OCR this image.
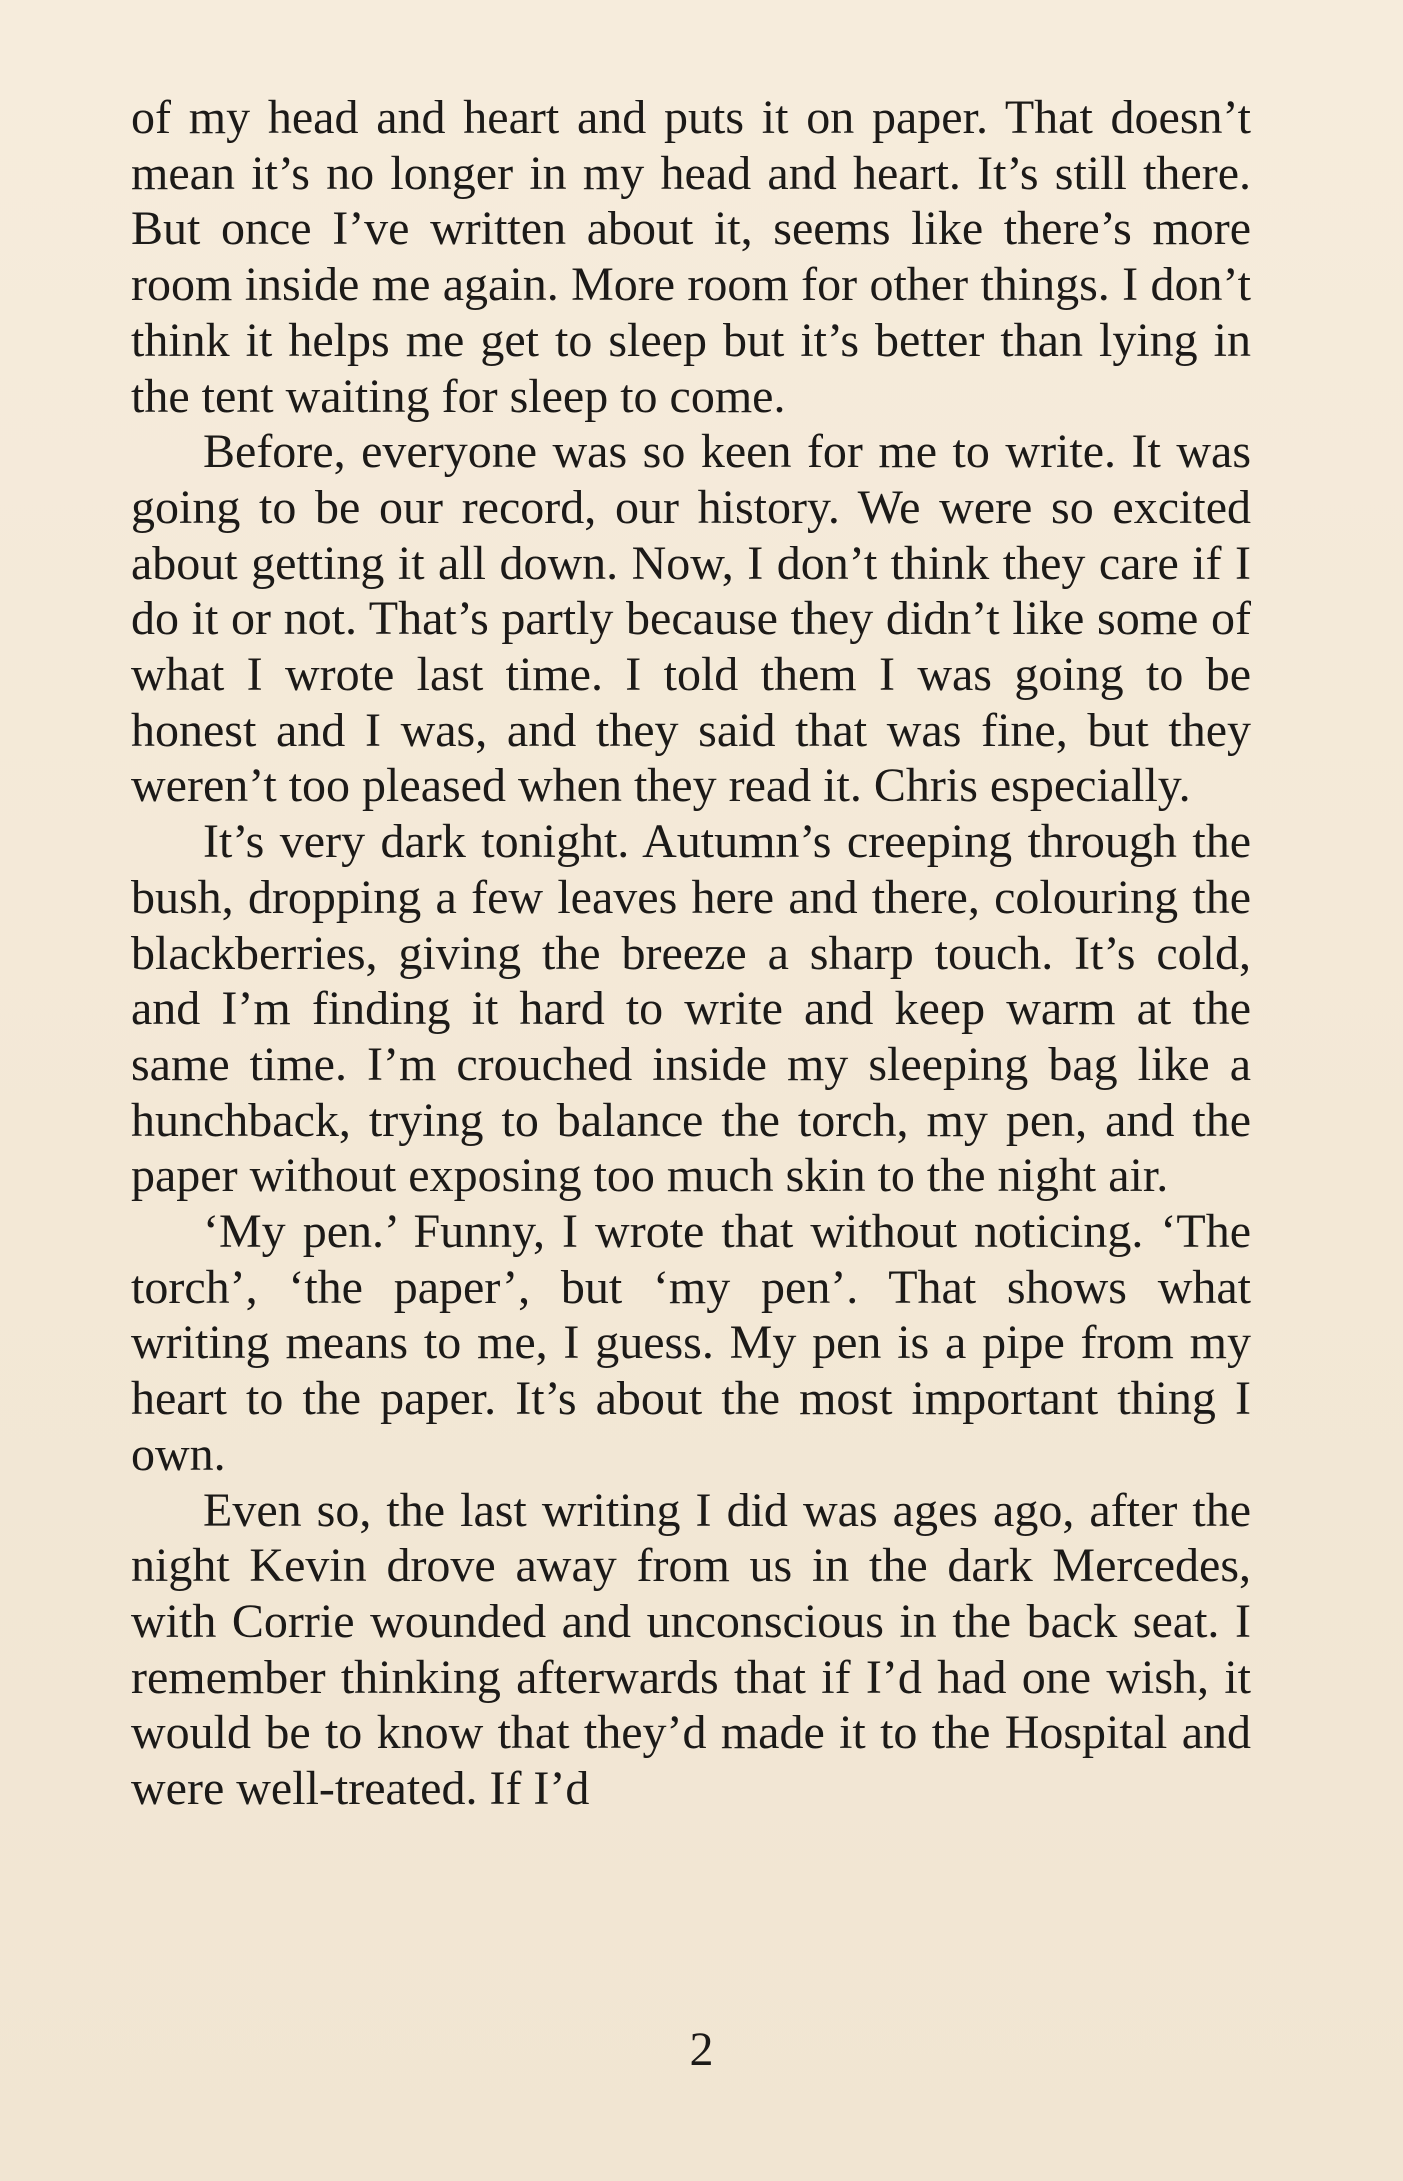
of my head and heart and puts it on paper. That doesn’t mean it’s no longer in my head and heart. It’s still there. But once I’ve written about it, seems like there’s more room inside me again. More room for other things. I don’t think it helps me get to sleep but it’s better than lying in the tent waiting for sleep to come.

Before, everyone was so keen for me to write. It was going to be our record, our history. We were so excited about getting it all down. Now, I don’t think they care if I do it or not. That’s partly because they didn’t like some of what I wrote last time. I told them I was going to be honest and I was, and they said that was fine, but they weren’t too pleased when they read it. Chris especially.

It’s very dark tonight. Autumn’s creeping through the bush, dropping a few leaves here and there, colouring the blackberries, giving the breeze a sharp touch. It’s cold, and I’m finding it hard to write and keep warm at the same time. I’m crouched inside my sleeping bag like a hunchback, trying to balance the torch, my pen, and the paper without exposing too much skin to the night air.

‘My pen.’ Funny, I wrote that without noticing. ‘The torch’, ‘the paper’, but ‘my pen’. That shows what writing means to me, I guess. My pen is a pipe from my heart to the paper. It’s about the most important thing I own.

Even so, the last writing I did was ages ago, after the night Kevin drove away from us in the dark Mercedes, with Corrie wounded and unconscious in the back seat. I remember thinking afterwards that if I’d had one wish, it would be to know that they’d made it to the Hospital and were well-treated. If I’d

2
